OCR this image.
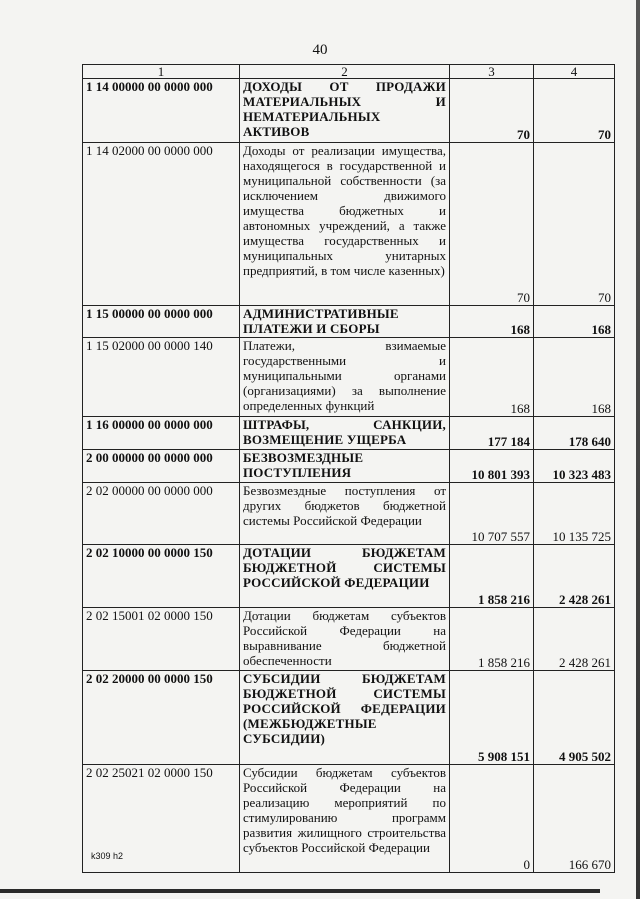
40
1	2	3	4
1 14 00000 00 0000 000	ДОХОДЫ ОТ ПРОДАЖИ МАТЕРИАЛЬНЫХ И НЕМАТЕРИАЛЬНЫХ АКТИВОВ	70	70
1 14 02000 00 0000 000	Доходы от реализации имущества, находящегося в государственной и муниципальной собственности (за исключением движимого имущества бюджетных и автономных учреждений, а также имущества государственных и муниципальных унитарных предприятий, в том числе казенных)	70	70
1 15 00000 00 0000 000	АДМИНИСТРАТИВНЫЕ ПЛАТЕЖИ И СБОРЫ	168	168
1 15 02000 00 0000 140	Платежи, взимаемые государственными и муниципальными органами (организациями) за выполнение определенных функций	168	168
1 16 00000 00 0000 000	ШТРАФЫ, САНКЦИИ, ВОЗМЕЩЕНИЕ УЩЕРБА	177 184	178 640
2 00 00000 00 0000 000	БЕЗВОЗМЕЗДНЫЕ ПОСТУПЛЕНИЯ	10 801 393	10 323 483
2 02 00000 00 0000 000	Безвозмездные поступления от других бюджетов бюджетной системы Российской Федерации	10 707 557	10 135 725
2 02 10000 00 0000 150	ДОТАЦИИ БЮДЖЕТАМ БЮДЖЕТНОЙ СИСТЕМЫ РОССИЙСКОЙ ФЕДЕРАЦИИ	1 858 216	2 428 261
2 02 15001 02 0000 150	Дотации бюджетам субъектов Российской Федерации на выравнивание бюджетной обеспеченности	1 858 216	2 428 261
2 02 20000 00 0000 150	СУБСИДИИ БЮДЖЕТАМ БЮДЖЕТНОЙ СИСТЕМЫ РОССИЙСКОЙ ФЕДЕРАЦИИ (МЕЖБЮДЖЕТНЫЕ СУБСИДИИ)	5 908 151	4 905 502
2 02 25021 02 0000 150	Субсидии бюджетам субъектов Российской Федерации на реализацию мероприятий по стимулированию программ развития жилищного строительства субъектов Российской Федерации	0	166 670
k309 h2
